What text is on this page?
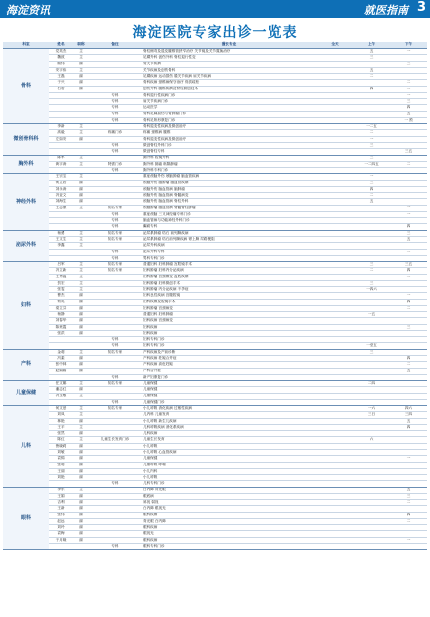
海淀资讯	就医指南 3
海淀医院专家出诊一览表
科室	姓名	职称	备注	擅长专业	全天	上午	下午
骨科	党英杰	主		脊柱侧弯及退变腰椎管狭窄治疗 关节镜及关节置换治疗		五	一
	魏波	主		足踝外科 创伤外科 脊柱退行性变		三	
	顾伟	副		骨关节疾病			三
	安宇伟	主		关节疾病及创伤骨科		五	
	王磊	副		足踝疾病 运动损伤 膝关节疾病 肩关节疾病		二	
	于兴	副		骨科疾病 颈椎病保守治疗 骨质疏松			二
	石岩	副		创伤外科 腰椎疾病及脊柱微创技术		四	二
			专科	骨科退行性疾病门诊			一
			专科	肩关节疾病门诊			三
			专科	运动医学			四
			专科	骨科足踝损伤与骨肿瘤门诊			五
			专科	骨科足矫形康复门诊			一 预
微创骨科科	李新	主		骨科退变性疾病及微创治疗		一二五	
	高毅	主	疼痛门诊	疼痛 颈椎病 腰椎		二	
	左如安	副		骨科退变性疾病及微创治疗		一	
			专科	微创脊柱外科门诊		三	
			专科	微创脊柱专科			三五
胸外科	陈军	主		胸外科 腔镜外科		三	
	黄宇涛	主	特需门诊	胸外科 肺癌 纵隔肿瘤		一二四五	二
			专科	胸外科专科门诊			
神经外科	王宗宝	主		重症颅脑外伤 颅脑肿瘤 脑血管疾病		一	
	何立岩	副		颅脑外伤 脑肿瘤 脑血管疾病		三	
	刘永涛	副		颅脑外伤 脑血管病 脑肿瘤		四	
	冯亚文	副		颅脑外伤 脑血管病 脊髓病变		二	
	刘海生	副		颅脑外伤 脑血管病 脊柱外科		五	
	王志康	主	知名专家	颅脑肿瘤 脑血管病 脊髓脊柱肿瘤			一
			专科	重症颅脑 三叉神经痛专科门诊			一
			专科	脑血管病与功能神经外科门诊			
			专科	癫痫专科			四
泌尿外科	杨勇	主	知名专家	泌尿系肿瘤 结石 前列腺疾病			三
	王文生	主	知名专家	泌尿系肿瘤 结石前列腺疾病 肾上腺 尿路梗阻			五
	李鑫	主		泌尿外科疾病			
			专科	泌尿外科专科			二
			专科	男科专科门诊			
妇科	吕军	主	知名专家	普通妇科 妇科肿瘤 宫腔镜手术		三	三五
	冯立新	主	知名专家	妇科肿瘤 妇科内分泌疾病		二	四
	王秀霞	主		妇科肿瘤 宫颈病变 盆底疾病			二
	贺宏	主		妇科肿瘤 妇科微创手术		三	
	张雯	主		妇科肿瘤 内分泌疾病 不孕症		一四六	
	曹杰	副		妇科良性疾病 宫腹腔镜			一
	何英	副		妇科疾病及腔镜手术			四
	梁立芬	副		妇科肿瘤 宫颈病变			二
	杨静	副		普通妇科 妇科肿瘤		一五	
	刘春华	副		妇科疾病 宫颈病变			
	陈贵霞	副		妇科疾病			三
	张洪	副		妇科疾病			
			专科	妇科专科门诊			
			专科	妇科专科门诊		一至五	
产科	金莉	主	知名专家	产科疾病及产前诊断		三	
	冯素	副		产科疾病 妊娠合并症			四
	张中林	副		产科疾病 高危妊娠			二
	赵娟娟	副		产科合并症			五
			专科	新产妇康复门诊			
儿童保健	任文娜	主	知名专家	儿童保健		二四	
	潘志红	副		儿童保健			
	冯玉敏	主		儿童保健			
			专科	儿童保健门诊			
儿科	何文爱	主	知名专家	小儿呼吸 消化疾病 过敏性疾病		一六	四六
	刘凤	主		儿内科 儿童发育		三日	三四
	林艳	副		小儿呼吸 新生儿疾病			五
	王平	主		儿科呼吸疾病 消化系疾病			四
	张然	副		儿科疾病			
	陈红	主	儿童生长发育门诊	儿童生长发育		六	
	鲁晓莉	副		小儿呼吸			
	刘敏	副		小儿呼吸 心血管疾病			
	袁锦	副		儿童保健			一
	张莉	副		儿童呼吸 哮喘			
	王丽	副		小儿内科			
	刘艳	副		小儿呼吸			
			专科	儿科专科门诊			
眼科	李东	主		白内障 青光眼			五
	王娟	副		眼底病			三
	吉利	副		斜视 弱视			二
	王新	副		白内障 眼视光			
	张伟	副		眼科疾病			四
	赵远	副		青光眼 白内障			二
	刘玲	副		眼科疾病			
	袁梅	副		眼视光			
	于月娥	副		眼科疾病			一
			专科	眼科专科门诊			
